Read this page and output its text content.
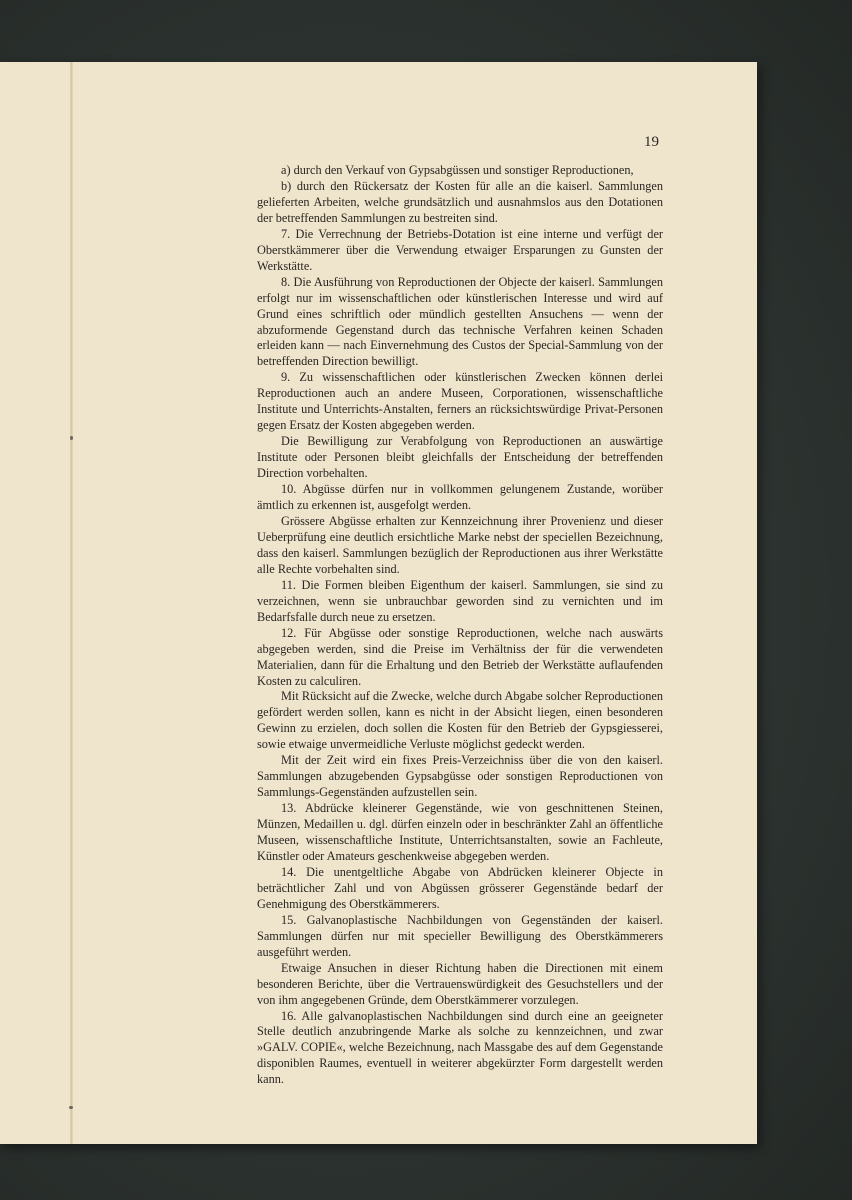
19

a) durch den Verkauf von Gypsabgüssen und sonstiger Reproductionen,

b) durch den Rückersatz der Kosten für alle an die kaiserl. Sammlungen gelieferten Arbeiten, welche grundsätzlich und ausnahmslos aus den Dotationen der betreffenden Sammlungen zu bestreiten sind.

7. Die Verrechnung der Betriebs-Dotation ist eine interne und verfügt der Oberstkämmerer über die Verwendung etwaiger Ersparungen zu Gunsten der Werkstätte.

8. Die Ausführung von Reproductionen der Objecte der kaiserl. Sammlungen erfolgt nur im wissenschaftlichen oder künstlerischen Interesse und wird auf Grund eines schriftlich oder mündlich gestellten Ansuchens — wenn der abzuformende Gegenstand durch das technische Verfahren keinen Schaden erleiden kann — nach Einvernehmung des Custos der Special-Sammlung von der betreffenden Direction bewilligt.

9. Zu wissenschaftlichen oder künstlerischen Zwecken können derlei Reproductionen auch an andere Museen, Corporationen, wissenschaftliche Institute und Unterrichts-Anstalten, ferners an rücksichtswürdige Privat-Personen gegen Ersatz der Kosten abgegeben werden.

Die Bewilligung zur Verabfolgung von Reproductionen an auswärtige Institute oder Personen bleibt gleichfalls der Entscheidung der betreffenden Direction vorbehalten.

10. Abgüsse dürfen nur in vollkommen gelungenem Zustande, worüber ämtlich zu erkennen ist, ausgefolgt werden.

Grössere Abgüsse erhalten zur Kennzeichnung ihrer Provenienz und dieser Ueberprüfung eine deutlich ersichtliche Marke nebst der speciellen Bezeichnung, dass den kaiserl. Sammlungen bezüglich der Reproductionen aus ihrer Werkstätte alle Rechte vorbehalten sind.

11. Die Formen bleiben Eigenthum der kaiserl. Sammlungen, sie sind zu verzeichnen, wenn sie unbrauchbar geworden sind zu vernichten und im Bedarfsfalle durch neue zu ersetzen.

12. Für Abgüsse oder sonstige Reproductionen, welche nach auswärts abgegeben werden, sind die Preise im Verhältniss der für die verwendeten Materialien, dann für die Erhaltung und den Betrieb der Werkstätte auflaufenden Kosten zu calculiren.

Mit Rücksicht auf die Zwecke, welche durch Abgabe solcher Reproductionen gefördert werden sollen, kann es nicht in der Absicht liegen, einen besonderen Gewinn zu erzielen, doch sollen die Kosten für den Betrieb der Gypsgiesserei, sowie etwaige unvermeidliche Verluste möglichst gedeckt werden.

Mit der Zeit wird ein fixes Preis-Verzeichniss über die von den kaiserl. Sammlungen abzugebenden Gypsabgüsse oder sonstigen Reproductionen von Sammlungs-Gegenständen aufzustellen sein.

13. Abdrücke kleinerer Gegenstände, wie von geschnittenen Steinen, Münzen, Medaillen u. dgl. dürfen einzeln oder in beschränkter Zahl an öffentliche Museen, wissenschaftliche Institute, Unterrichtsanstalten, sowie an Fachleute, Künstler oder Amateurs geschenkweise abgegeben werden.

14. Die unentgeltliche Abgabe von Abdrücken kleinerer Objecte in beträchtlicher Zahl und von Abgüssen grösserer Gegenstände bedarf der Genehmigung des Oberstkämmerers.

15. Galvanoplastische Nachbildungen von Gegenständen der kaiserl. Sammlungen dürfen nur mit specieller Bewilligung des Oberstkämmerers ausgeführt werden.

Etwaige Ansuchen in dieser Richtung haben die Directionen mit einem besonderen Berichte, über die Vertrauenswürdigkeit des Gesuchstellers und der von ihm angegebenen Gründe, dem Oberstkämmerer vorzulegen.

16. Alle galvanoplastischen Nachbildungen sind durch eine an geeigneter Stelle deutlich anzubringende Marke als solche zu kennzeichnen, und zwar »GALV. COPIE«, welche Bezeichnung, nach Massgabe des auf dem Gegenstande disponiblen Raumes, eventuell in weiterer abgekürzter Form dargestellt werden kann.
